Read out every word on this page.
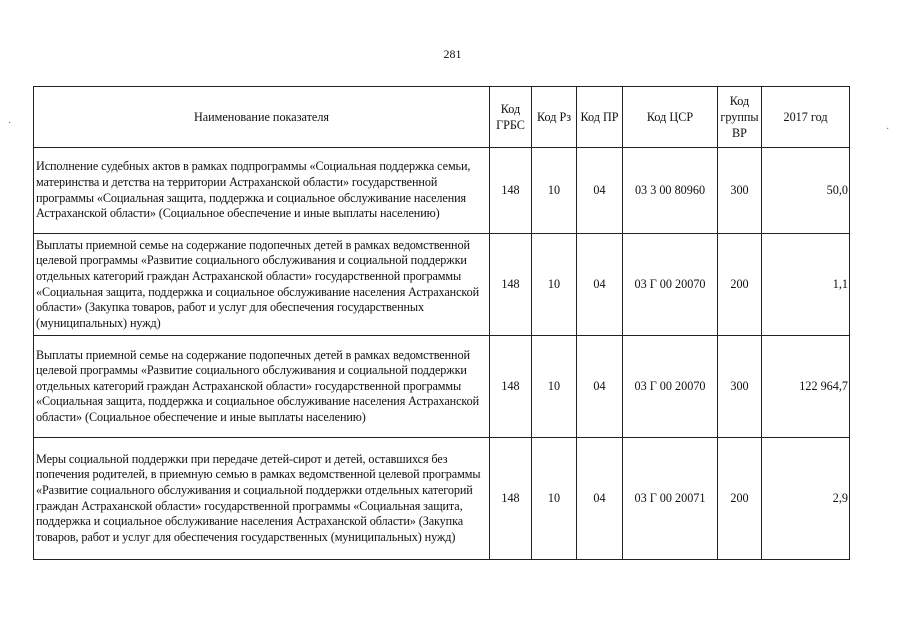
281
·
·
Наименование показателя	Код ГРБС	Код Рз	Код ПР	Код ЦСР	Код группы ВР	2017 год
Исполнение судебных актов в рамках подпрограммы «Социальная поддержка семьи, материнства и детства на территории Астраханской области» государственной программы «Социальная защита, поддержка и социальное обслуживание населения Астраханской области» (Социальное обеспечение и иные выплаты населению)	148	10	04	03 3 00 80960	300	50,0
Выплаты приемной семье на содержание подопечных детей в рамках ведомственной целевой программы «Развитие социального обслуживания и социальной поддержки отдельных категорий граждан Астраханской области» государственной программы «Социальная защита, поддержка и социальное обслуживание населения Астраханской области» (Закупка товаров, работ и услуг для обеспечения государственных (муниципальных) нужд)	148	10	04	03 Г 00 20070	200	1,1
Выплаты приемной семье на содержание подопечных детей в рамках ведомственной целевой программы «Развитие социального обслуживания и социальной поддержки отдельных категорий граждан Астраханской области» государственной программы «Социальная защита, поддержка и социальное обслуживание населения Астраханской области» (Социальное обеспечение и иные выплаты населению)	148	10	04	03 Г 00 20070	300	122 964,7
Меры социальной поддержки при передаче детей-сирот и детей, оставшихся без попечения родителей, в приемную семью в рамках ведомственной целевой программы «Развитие социального обслуживания и социальной поддержки отдельных категорий граждан Астраханской области» государственной программы «Социальная защита, поддержка и социальное обслуживание населения Астраханской области» (Закупка товаров, работ и услуг для обеспечения государственных (муниципальных) нужд)	148	10	04	03 Г 00 20071	200	2,9
